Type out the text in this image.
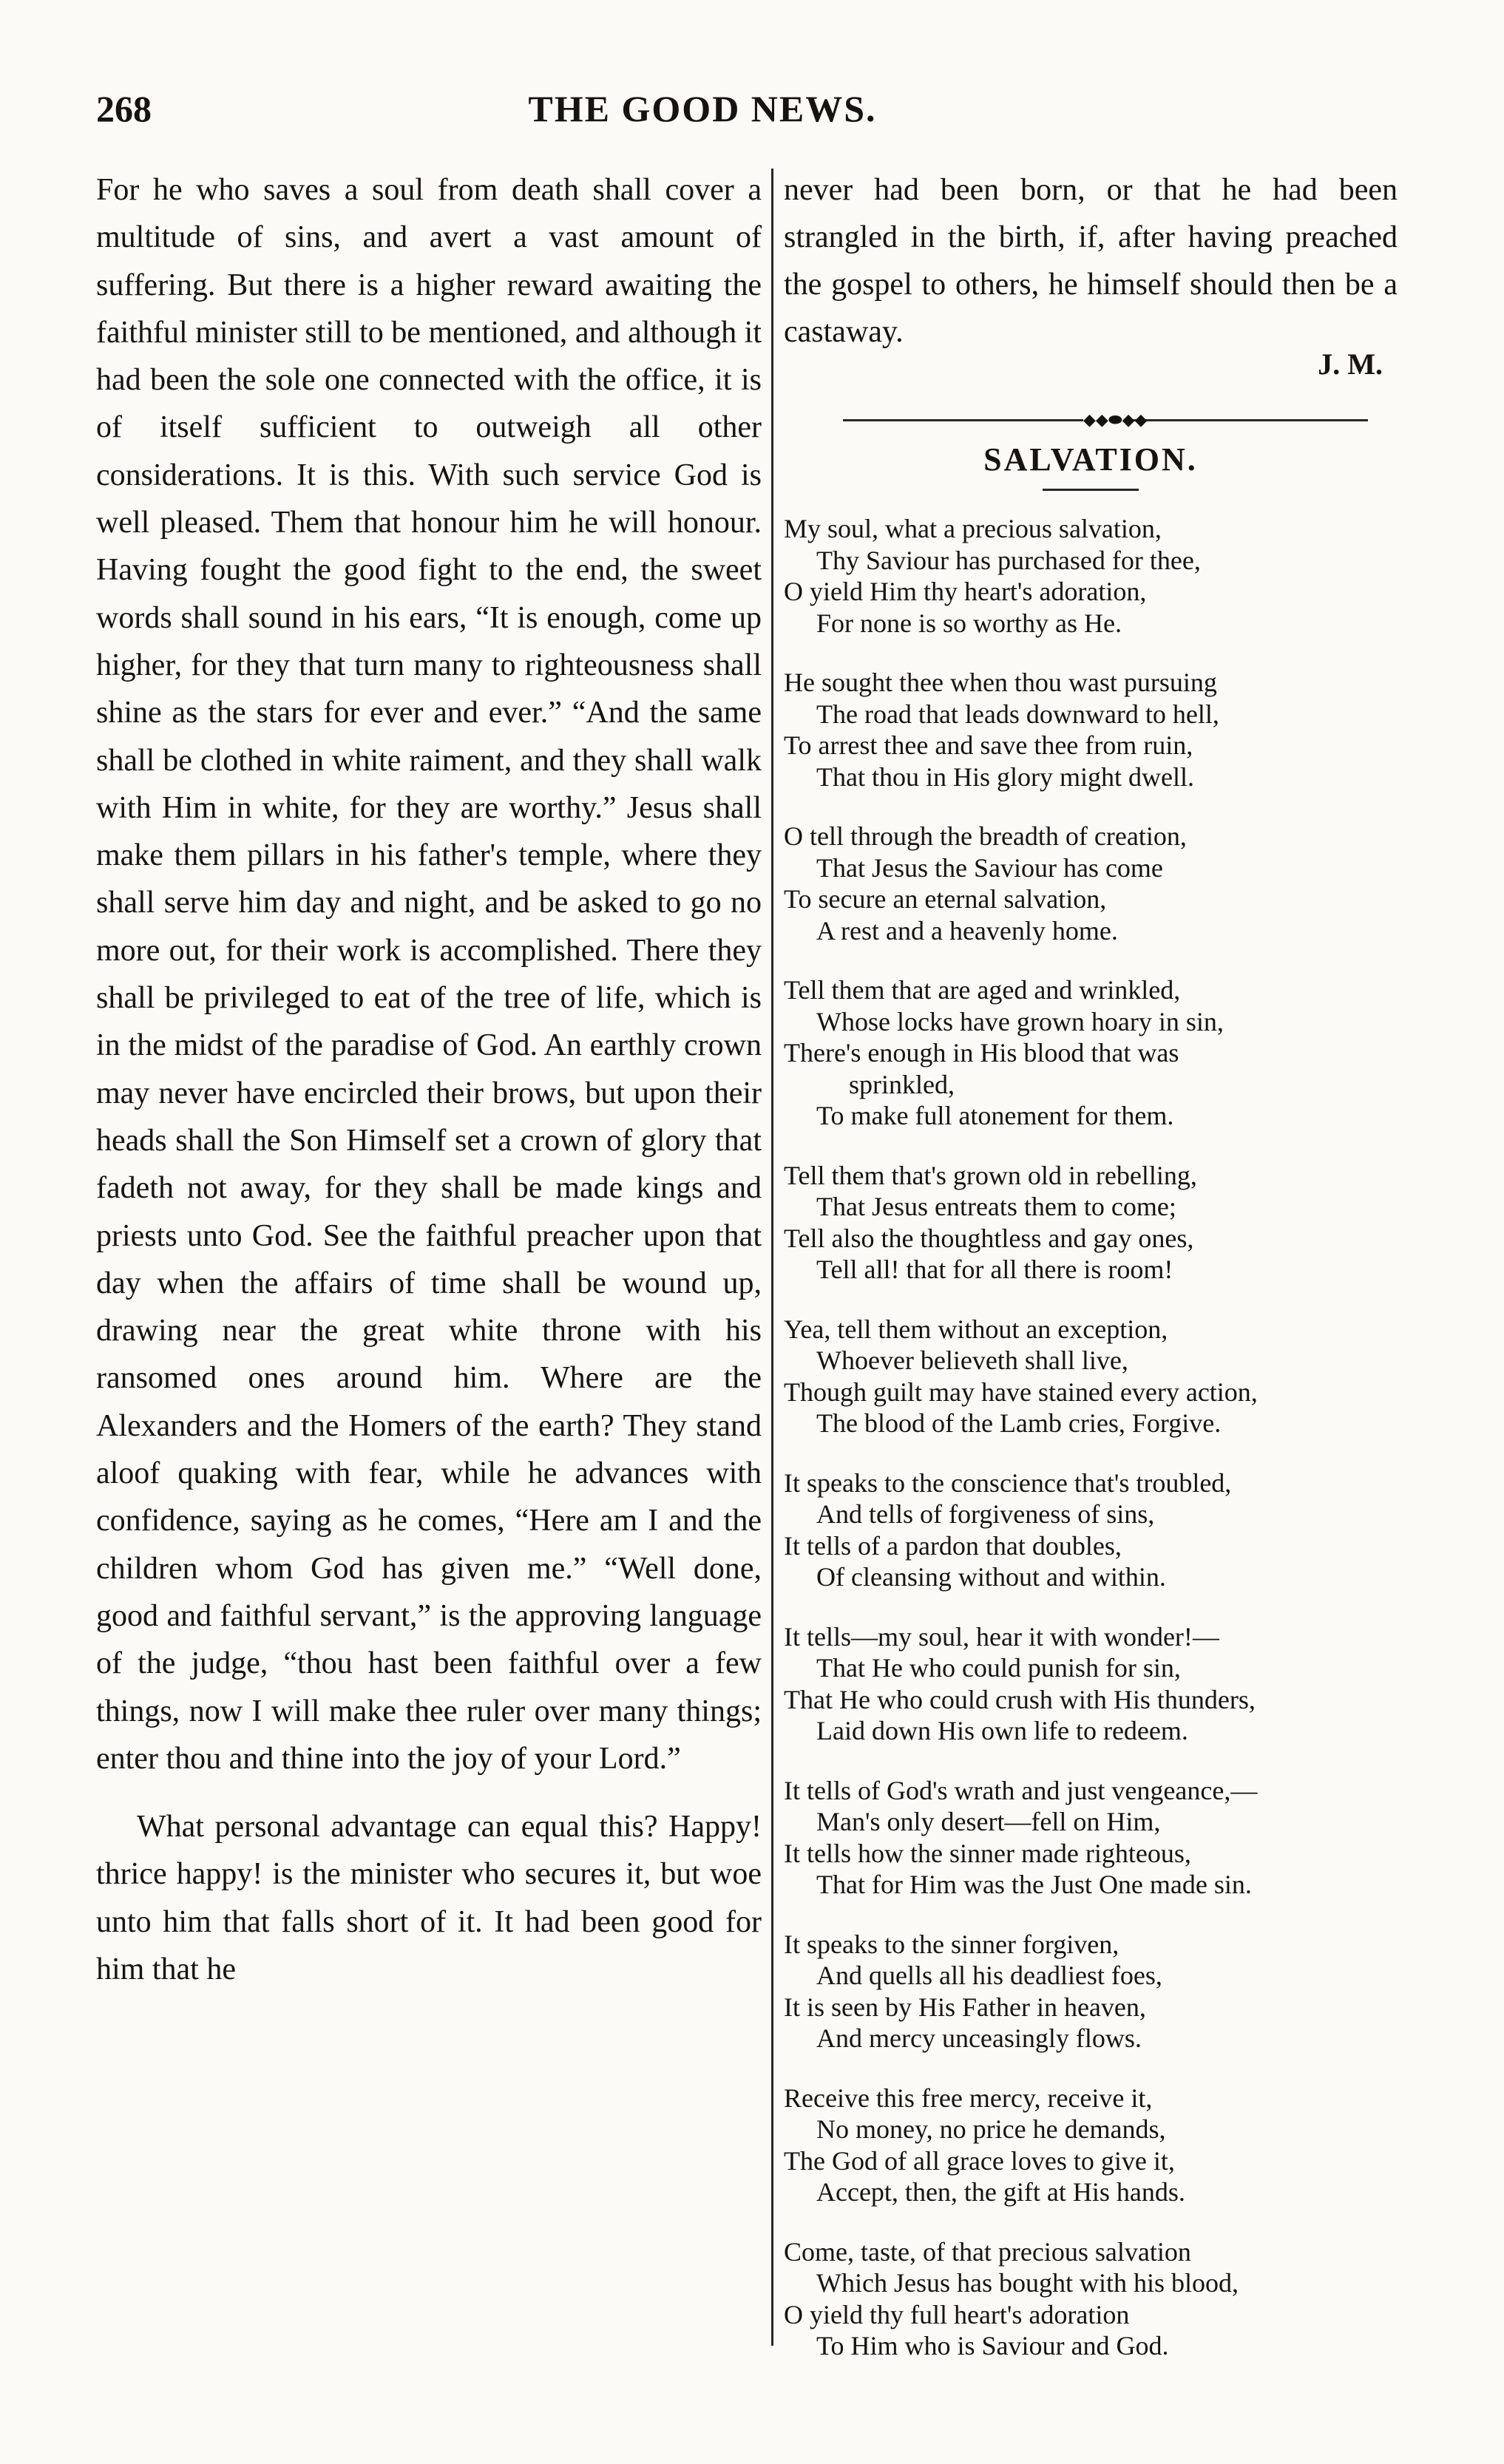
268	THE GOOD NEWS.

For he who saves a soul from death shall cover a multitude of sins, and avert a vast amount of suffering. But there is a higher reward awaiting the faithful minister still to be mentioned, and although it had been the sole one connected with the office, it is of itself sufficient to outweigh all other considerations. It is this. With such service God is well pleased. Them that honour him he will honour. Having fought the good fight to the end, the sweet words shall sound in his ears, “It is enough, come up higher, for they that turn many to righteousness shall shine as the stars for ever and ever.” “And the same shall be clothed in white raiment, and they shall walk with Him in white, for they are worthy.” Jesus shall make them pillars in his father's temple, where they shall serve him day and night, and be asked to go no more out, for their work is accomplished. There they shall be privileged to eat of the tree of life, which is in the midst of the paradise of God. An earthly crown may never have encircled their brows, but upon their heads shall the Son Himself set a crown of glory that fadeth not away, for they shall be made kings and priests unto God. See the faithful preacher upon that day when the affairs of time shall be wound up, drawing near the great white throne with his ransomed ones around him. Where are the Alexanders and the Homers of the earth? They stand aloof quaking with fear, while he advances with confidence, saying as he comes, “Here am I and the children whom God has given me.” “Well done, good and faithful servant,” is the approving language of the judge, “thou hast been faithful over a few things, now I will make thee ruler over many things; enter thou and thine into the joy of your Lord.”

What personal advantage can equal this? Happy! thrice happy! is the minister who secures it, but woe unto him that falls short of it. It had been good for him that he

never had been born, or that he had been strangled in the birth, if, after having preached the gospel to others, he himself should then be a castaway.

J. M.
◆◆⬬◆◆
SALVATION.
My soul, what a precious salvation,
Thy Saviour has purchased for thee,
O yield Him thy heart's adoration,
For none is so worthy as He.
He sought thee when thou wast pursuing
The road that leads downward to hell,
To arrest thee and save thee from ruin,
That thou in His glory might dwell.
O tell through the breadth of creation,
That Jesus the Saviour has come
To secure an eternal salvation,
A rest and a heavenly home.
Tell them that are aged and wrinkled,
Whose locks have grown hoary in sin,
There's enough in His blood that was
sprinkled,
To make full atonement for them.
Tell them that's grown old in rebelling,
That Jesus entreats them to come;
Tell also the thoughtless and gay ones,
Tell all! that for all there is room!
Yea, tell them without an exception,
Whoever believeth shall live,
Though guilt may have stained every action,
The blood of the Lamb cries, Forgive.
It speaks to the conscience that's troubled,
And tells of forgiveness of sins,
It tells of a pardon that doubles,
Of cleansing without and within.
It tells—my soul, hear it with wonder!—
That He who could punish for sin,
That He who could crush with His thunders,
Laid down His own life to redeem.
It tells of God's wrath and just vengeance,—
Man's only desert—fell on Him,
It tells how the sinner made righteous,
That for Him was the Just One made sin.
It speaks to the sinner forgiven,
And quells all his deadliest foes,
It is seen by His Father in heaven,
And mercy unceasingly flows.
Receive this free mercy, receive it,
No money, no price he demands,
The God of all grace loves to give it,
Accept, then, the gift at His hands.
Come, taste, of that precious salvation
Which Jesus has bought with his blood,
O yield thy full heart's adoration
To Him who is Saviour and God.
